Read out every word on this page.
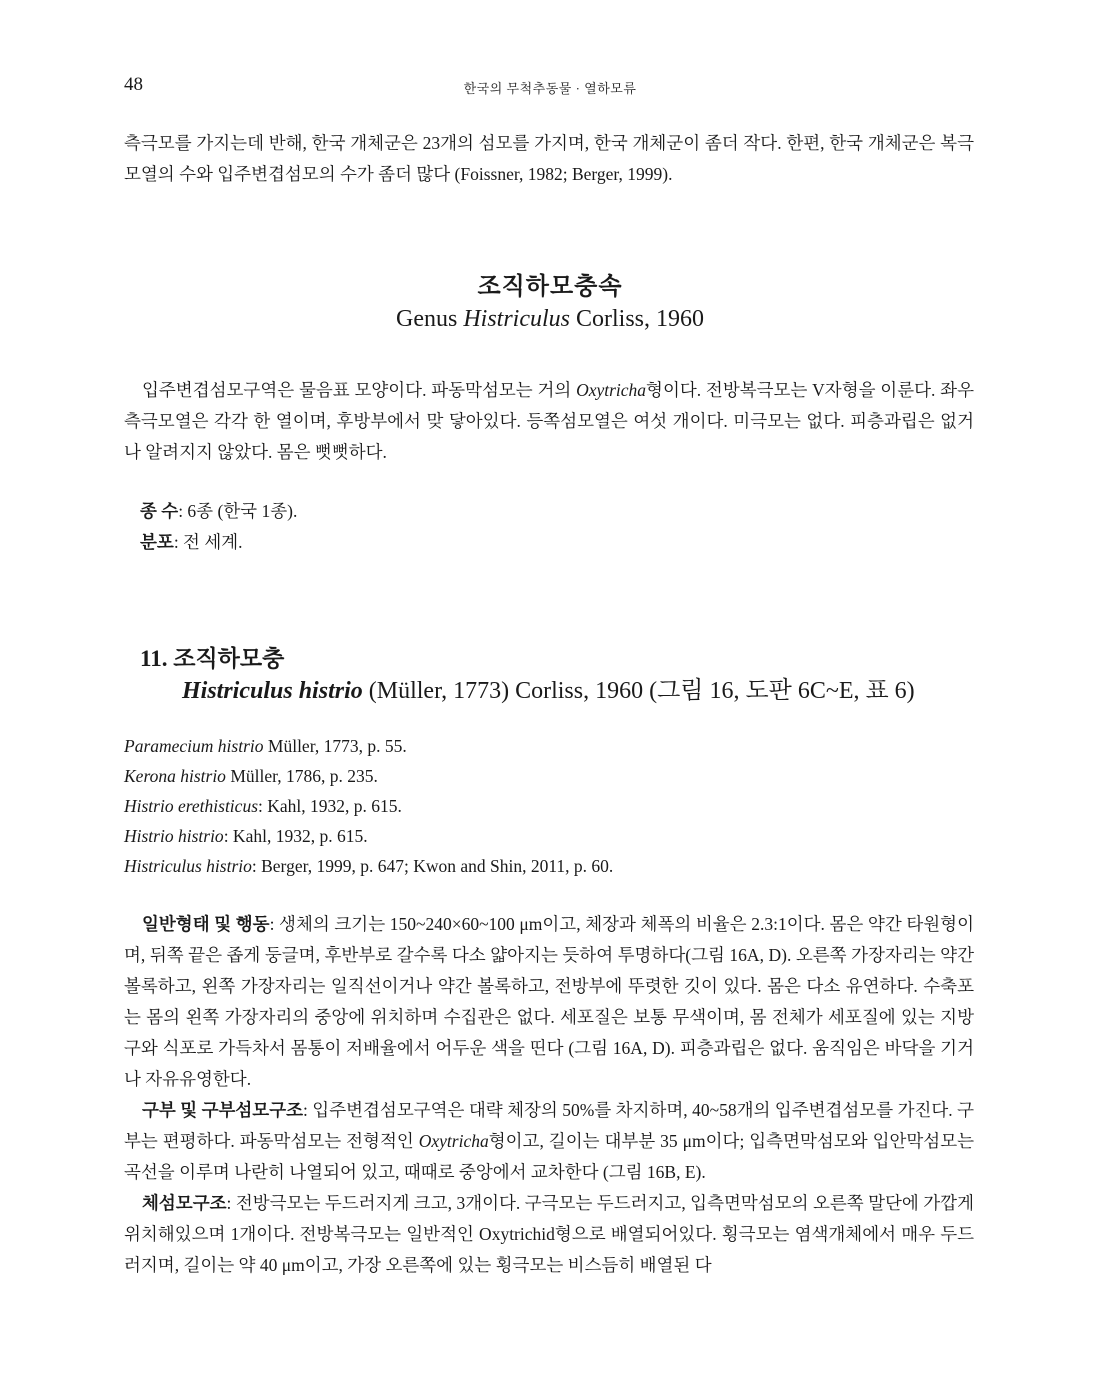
48	한국의 무척추동물 · 열하모류

측극모를 가지는데 반해, 한국 개체군은 23개의 섬모를 가지며, 한국 개체군이 좀더 작다. 한편, 한국 개체군은 복극모열의 수와 입주변겹섬모의 수가 좀더 많다 (Foissner, 1982; Berger, 1999).

조직하모충속
Genus Histriculus Corliss, 1960

입주변겹섬모구역은 물음표 모양이다. 파동막섬모는 거의 Oxytricha형이다. 전방복극모는 V자형을 이룬다. 좌우측극모열은 각각 한 열이며, 후방부에서 맞 닿아있다. 등쪽섬모열은 여섯 개이다. 미극모는 없다. 피층과립은 없거나 알려지지 않았다. 몸은 뻣뻣하다.

종 수: 6종 (한국 1종).
분포: 전 세계.
11. 조직하모충
Histriculus histrio (Müller, 1773) Corliss, 1960 (그림 16, 도판 6C~E, 표 6)
Paramecium histrio Müller, 1773, p. 55.
Kerona histrio Müller, 1786, p. 235.
Histrio erethisticus: Kahl, 1932, p. 615.
Histrio histrio: Kahl, 1932, p. 615.
Histriculus histrio: Berger, 1999, p. 647; Kwon and Shin, 2011, p. 60.

일반형태 및 행동: 생체의 크기는 150~240×60~100 μm이고, 체장과 체폭의 비율은 2.3:1이다. 몸은 약간 타원형이며, 뒤쪽 끝은 좁게 둥글며, 후반부로 갈수록 다소 얇아지는 듯하여 투명하다(그림 16A, D). 오른쪽 가장자리는 약간 볼록하고, 왼쪽 가장자리는 일직선이거나 약간 볼록하고, 전방부에 뚜렷한 깃이 있다. 몸은 다소 유연하다. 수축포는 몸의 왼쪽 가장자리의 중앙에 위치하며 수집관은 없다. 세포질은 보통 무색이며, 몸 전체가 세포질에 있는 지방구와 식포로 가득차서 몸통이 저배율에서 어두운 색을 띤다 (그림 16A, D). 피층과립은 없다. 움직임은 바닥을 기거나 자유유영한다.

구부 및 구부섬모구조: 입주변겹섬모구역은 대략 체장의 50%를 차지하며, 40~58개의 입주변겹섬모를 가진다. 구부는 편평하다. 파동막섬모는 전형적인 Oxytricha형이고, 길이는 대부분 35 μm이다; 입측면막섬모와 입안막섬모는 곡선을 이루며 나란히 나열되어 있고, 때때로 중앙에서 교차한다 (그림 16B, E).

체섬모구조: 전방극모는 두드러지게 크고, 3개이다. 구극모는 두드러지고, 입측면막섬모의 오른쪽 말단에 가깝게 위치해있으며 1개이다. 전방복극모는 일반적인 Oxytrichid형으로 배열되어있다. 횡극모는 염색개체에서 매우 두드러지며, 길이는 약 40 μm이고, 가장 오른쪽에 있는 횡극모는 비스듬히 배열된 다
